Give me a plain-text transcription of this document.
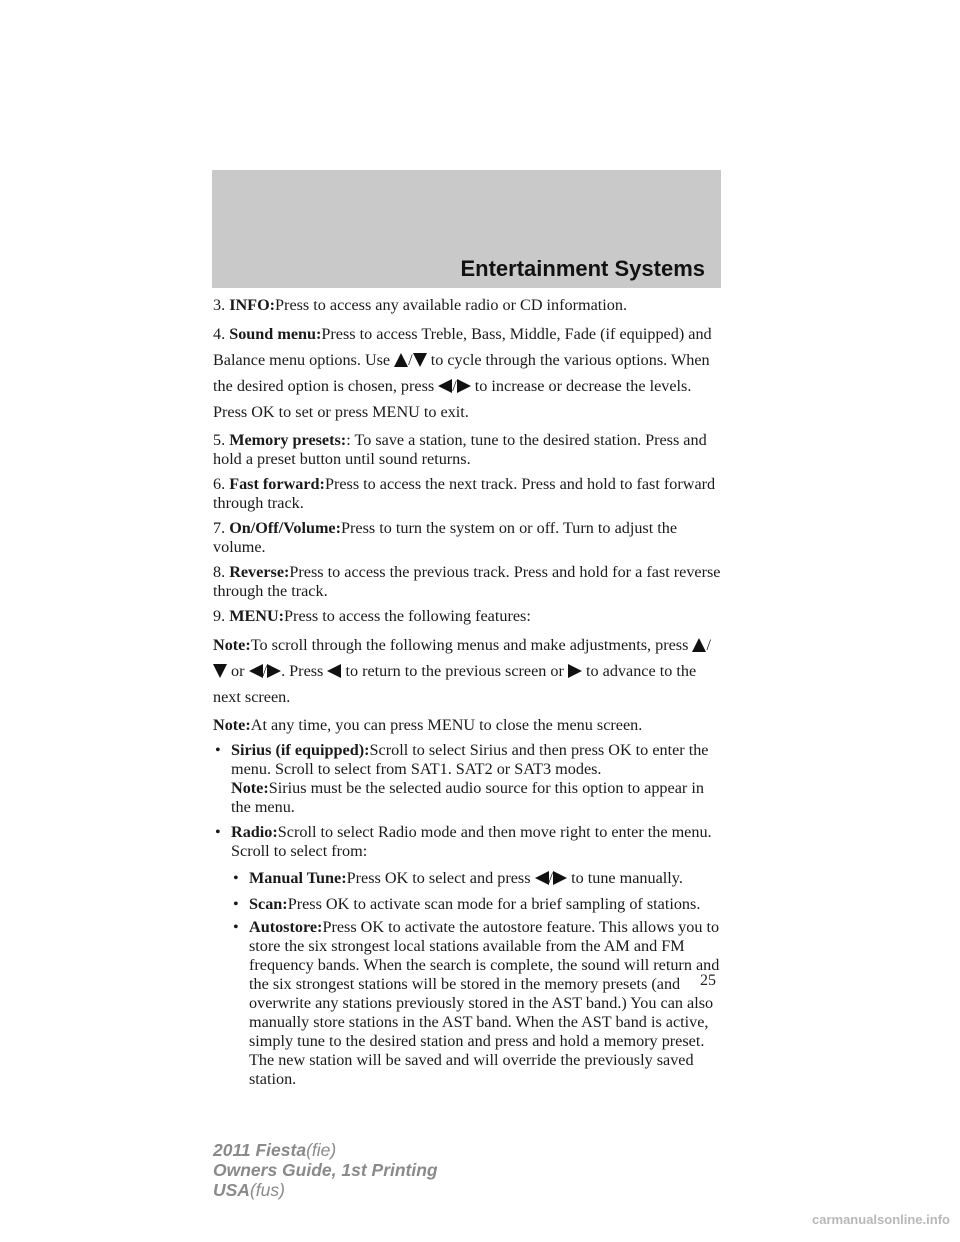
Entertainment Systems

3. INFO:Press to access any available radio or CD information.

4. Sound menu:Press to access Treble, Bass, Middle, Fade (if equipped) and Balance menu options. Use / to cycle through the various options. When the desired option is chosen, press / to increase or decrease the levels. Press OK to set or press MENU to exit.

5. Memory presets:: To save a station, tune to the desired station. Press and hold a preset button until sound returns.

6. Fast forward:Press to access the next track. Press and hold to fast forward through track.

7. On/Off/Volume:Press to turn the system on or off. Turn to adjust the volume.

8. Reverse:Press to access the previous track. Press and hold for a fast reverse through the track.

9. MENU:Press to access the following features:

Note:To scroll through the following menus and make adjustments, press / or / . Press to return to the previous screen or to advance to the next screen.

Note:At any time, you can press MENU to close the menu screen.

• Sirius (if equipped):Scroll to select Sirius and then press OK to enter the menu. Scroll to select from SAT1. SAT2 or SAT3 modes.
Note:Sirius must be the selected audio source for this option to appear in the menu.
• Radio:Scroll to select Radio mode and then move right to enter the menu. Scroll to select from:
• Manual Tune:Press OK to select and press / to tune manually.
• Scan:Press OK to activate scan mode for a brief sampling of stations.
• Autostore:Press OK to activate the autostore feature. This allows you to store the six strongest local stations available from the AM and FM frequency bands. When the search is complete, the sound will return and the six strongest stations will be stored in the memory presets (and overwrite any stations previously stored in the AST band.) You can also manually store stations in the AST band. When the AST band is active, simply tune to the desired station and press and hold a memory preset. The new station will be saved and will override the previously saved station.
25
2011 Fiesta(fie)
Owners Guide, 1st Printing
USA(fus)
carmanualsonline.info
